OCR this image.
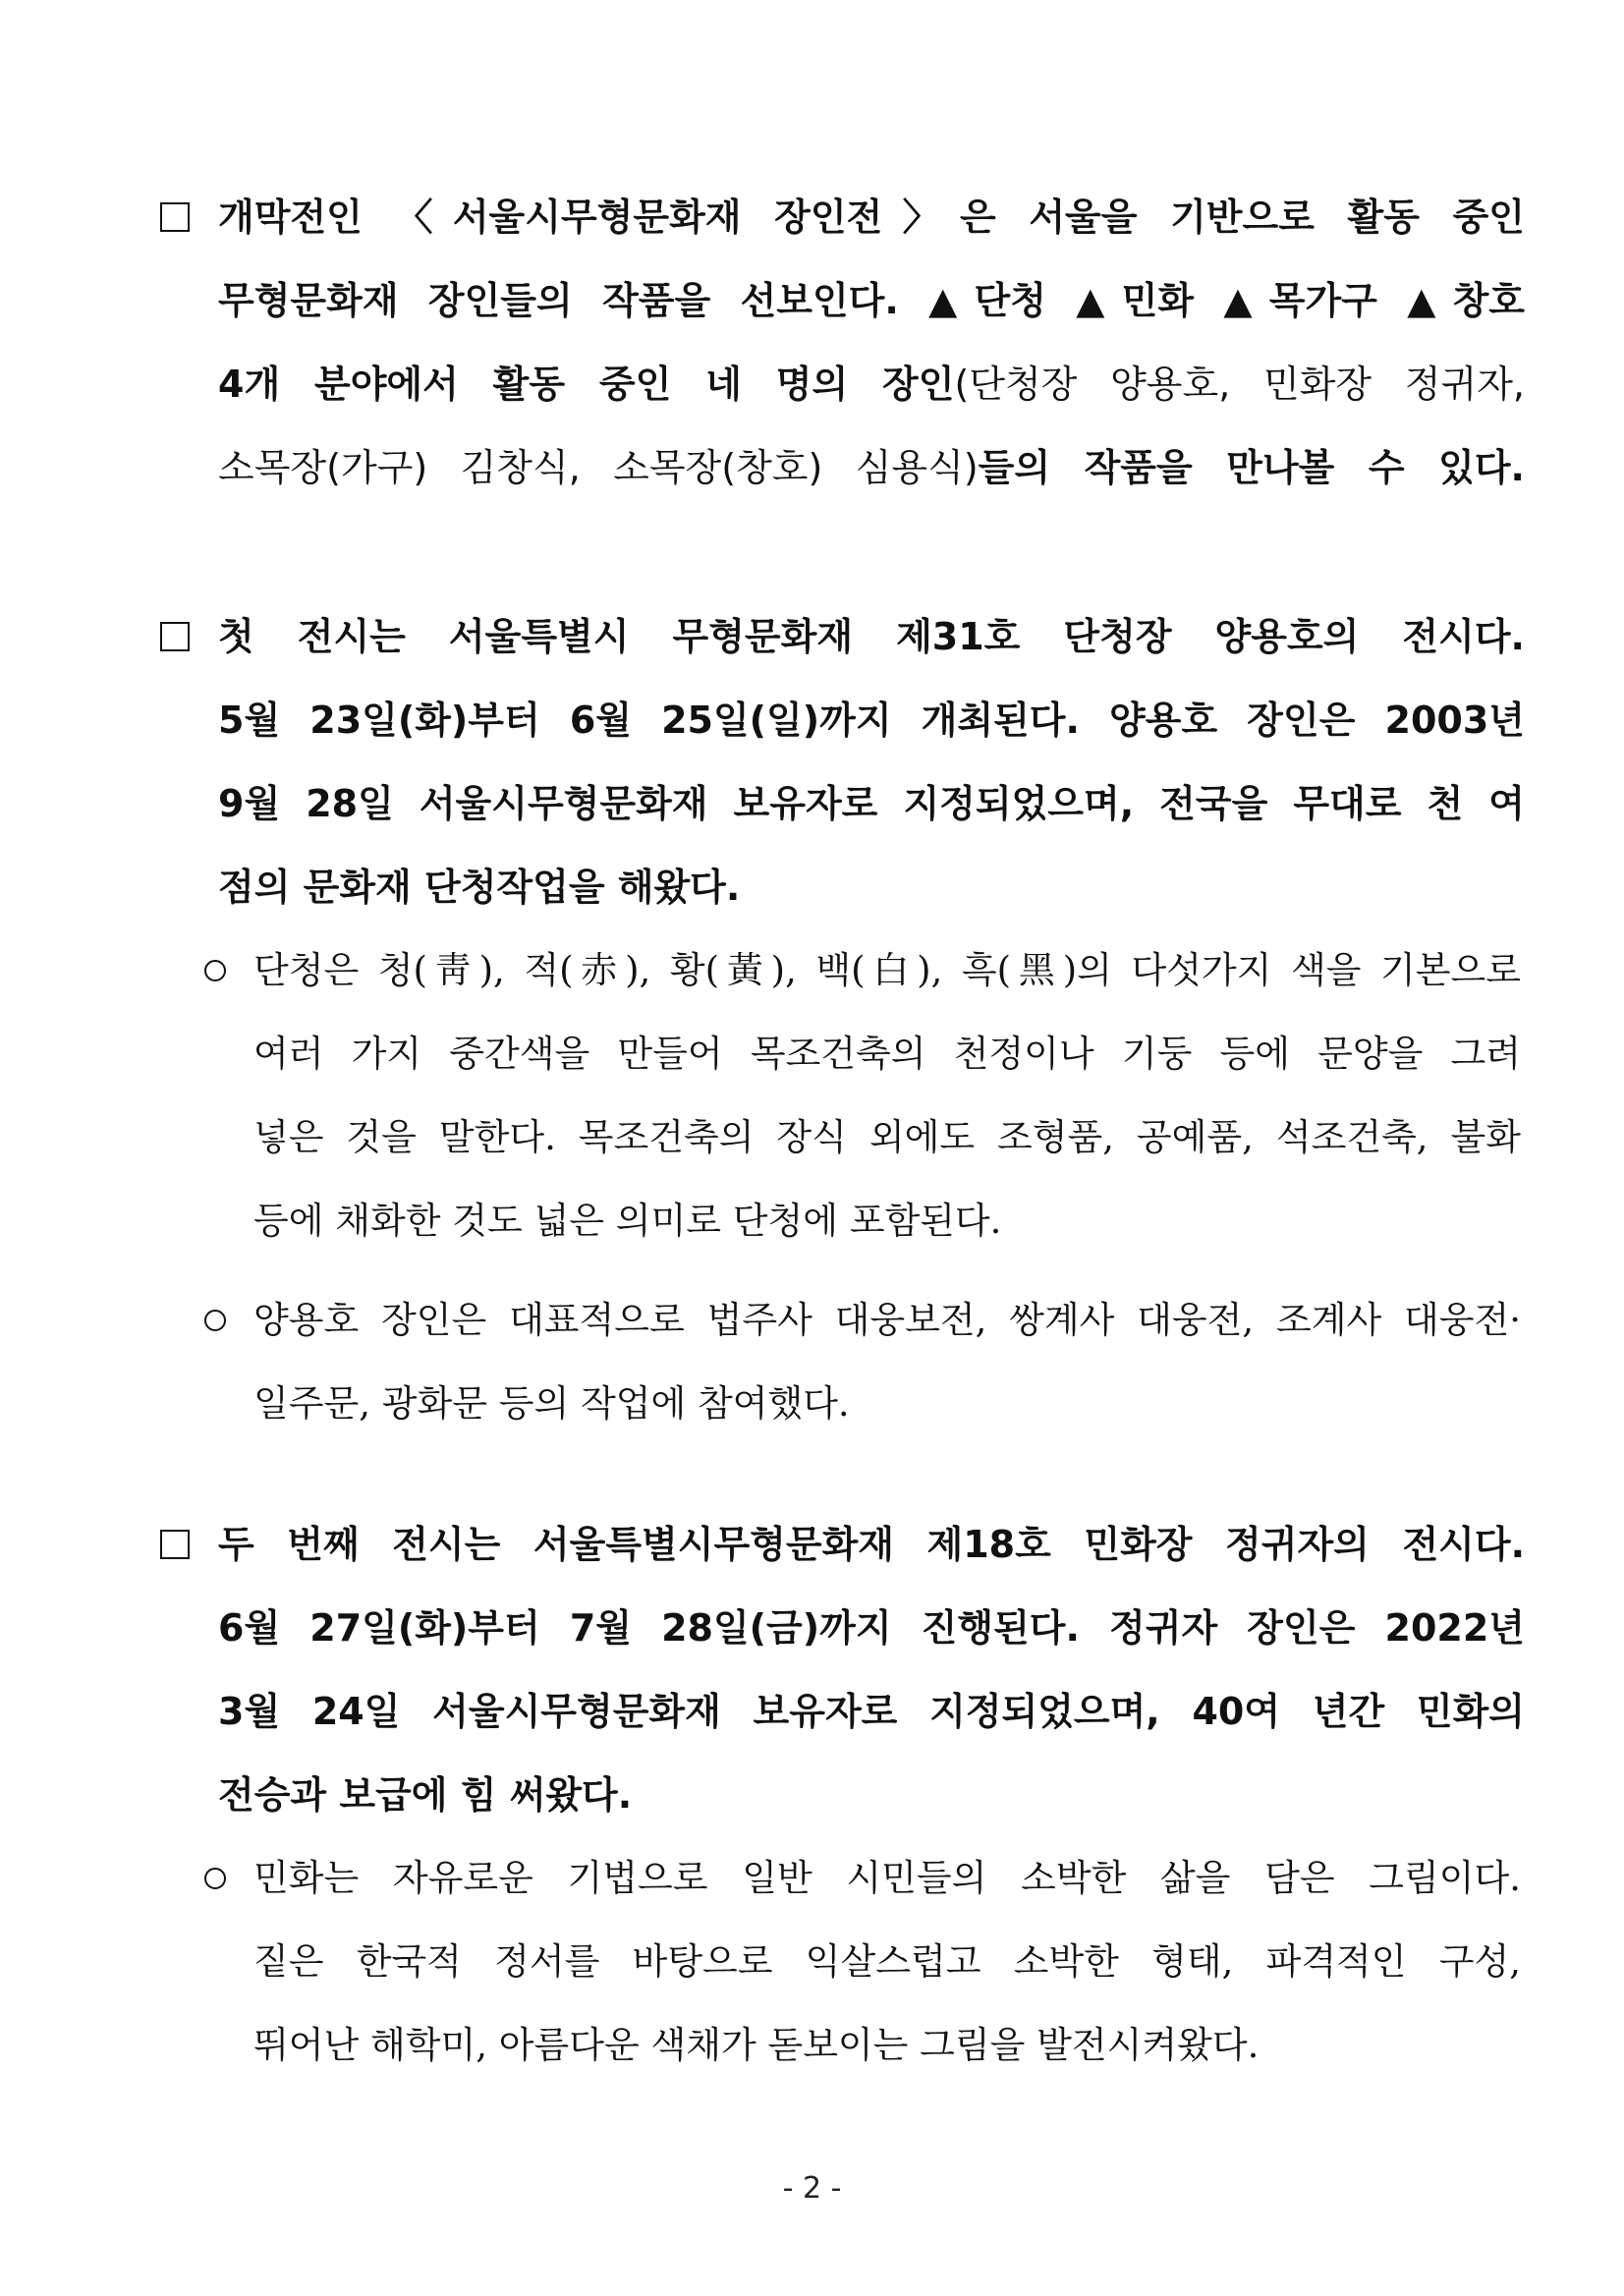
개막전인 〈서울시무형문화재 장인전〉은 서울을 기반으로 활동 중인
무형문화재 장인들의 작품을 선보인다. ▲단청 ▲민화 ▲목가구 ▲창호
4개 분야에서 활동 중인 네 명의 장인(단청장 양용호, 민화장 정귀자,
소목장(가구) 김창식, 소목장(창호) 심용식)들의 작품을 만나볼 수 있다.
첫 전시는 서울특별시 무형문화재 제31호 단청장 양용호의 전시다.
5월 23일(화)부터 6월 25일(일)까지 개최된다. 양용호 장인은 2003년
9월 28일 서울시무형문화재 보유자로 지정되었으며, 전국을 무대로 천 여
점의 문화재 단청작업을 해왔다.
단청은 청(靑), 적(赤), 황(黃), 백(白), 흑(黑)의 다섯가지 색을 기본으로
여러 가지 중간색을 만들어 목조건축의 천정이나 기둥 등에 문양을 그려
넣은 것을 말한다. 목조건축의 장식 외에도 조형품, 공예품, 석조건축, 불화
등에 채화한 것도 넓은 의미로 단청에 포함된다.
양용호 장인은 대표적으로 법주사 대웅보전, 쌍계사 대웅전, 조계사 대웅전·
일주문, 광화문 등의 작업에 참여했다.
두 번째 전시는 서울특별시무형문화재 제18호 민화장 정귀자의 전시다.
6월 27일(화)부터 7월 28일(금)까지 진행된다. 정귀자 장인은 2022년
3월 24일 서울시무형문화재 보유자로 지정되었으며, 40여 년간 민화의
전승과 보급에 힘 써왔다.
민화는 자유로운 기법으로 일반 시민들의 소박한 삶을 담은 그림이다.
짙은 한국적 정서를 바탕으로 익살스럽고 소박한 형태, 파격적인 구성,
뛰어난 해학미, 아름다운 색채가 돋보이는 그림을 발전시켜왔다.
- 2 -
